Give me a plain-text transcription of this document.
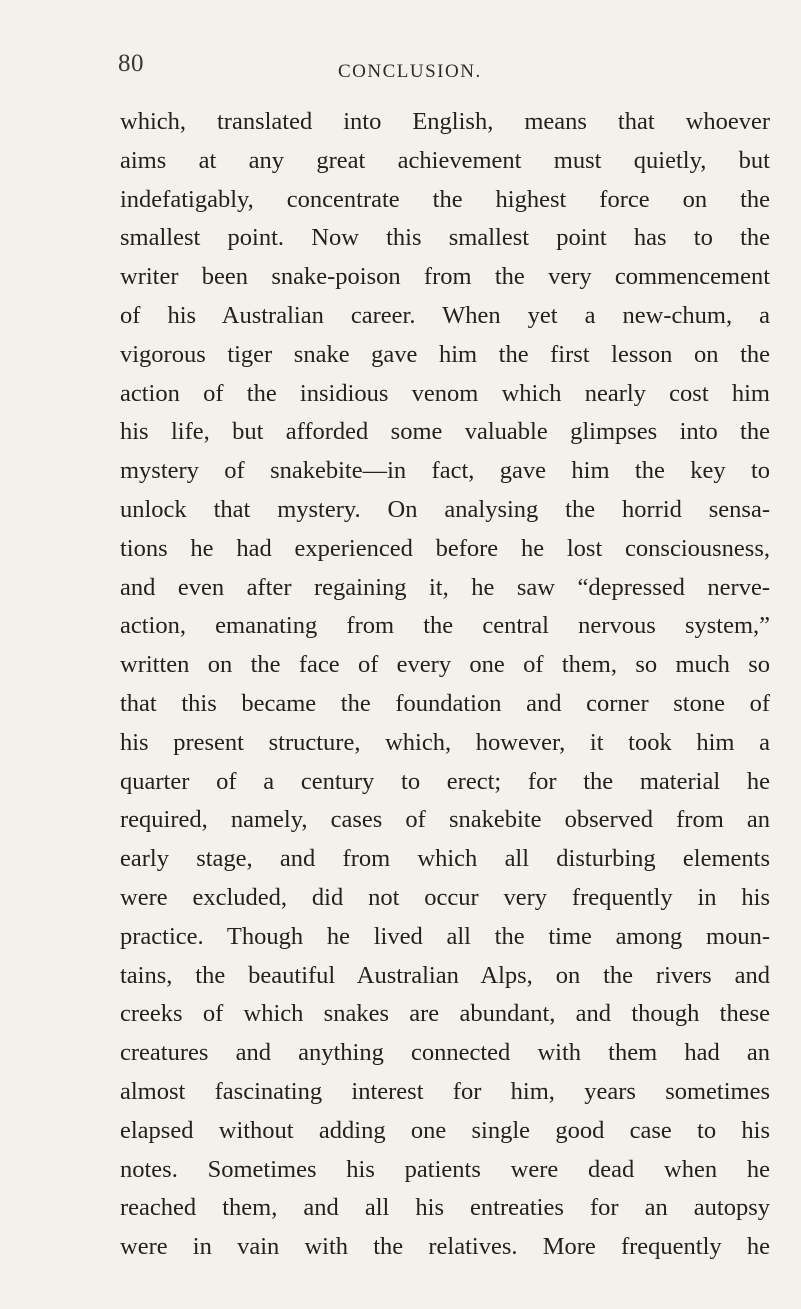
80	CONCLUSION.
which, translated into English, means that whoever
aims at any great achievement must quietly, but
indefatigably, concentrate the highest force on the
smallest point. Now this smallest point has to the
writer been snake-poison from the very commencement
of his Australian career. When yet a new-chum, a
vigorous tiger snake gave him the first lesson on the
action of the insidious venom which nearly cost him
his life, but afforded some valuable glimpses into the
mystery of snakebite—in fact, gave him the key to
unlock that mystery. On analysing the horrid sensa-
tions he had experienced before he lost consciousness,
and even after regaining it, he saw “depressed nerve-
action, emanating from the central nervous system,”
written on the face of every one of them, so much so
that this became the foundation and corner stone of
his present structure, which, however, it took him a
quarter of a century to erect; for the material he
required, namely, cases of snakebite observed from an
early stage, and from which all disturbing elements
were excluded, did not occur very frequently in his
practice. Though he lived all the time among moun-
tains, the beautiful Australian Alps, on the rivers and
creeks of which snakes are abundant, and though these
creatures and anything connected with them had an
almost fascinating interest for him, years sometimes
elapsed without adding one single good case to his
notes. Sometimes his patients were dead when he
reached them, and all his entreaties for an autopsy
were in vain with the relatives. More frequently he
